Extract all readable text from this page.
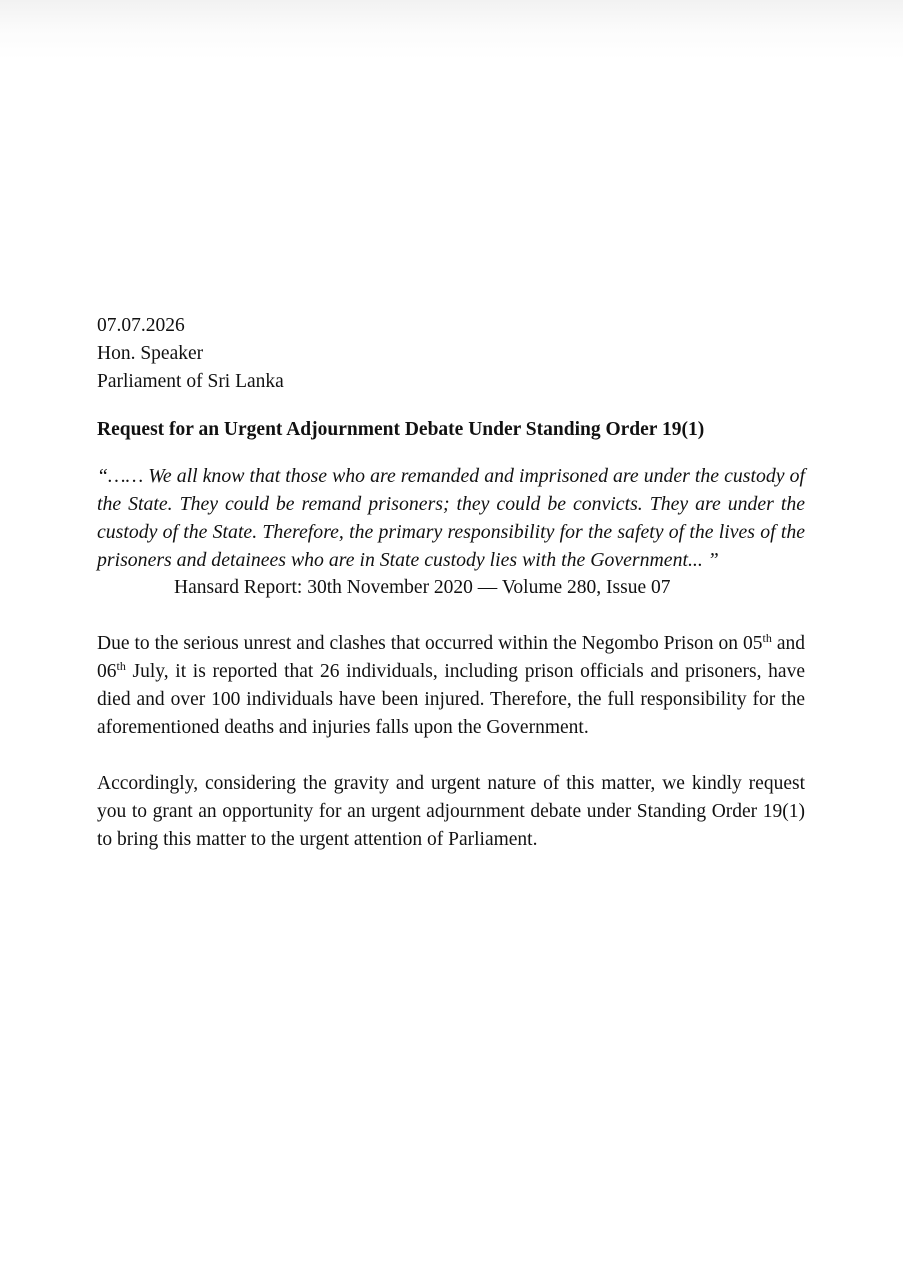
07.07.2026
Hon. Speaker
Parliament of Sri Lanka
Request for an Urgent Adjournment Debate Under Standing Order 19(1)
“…… We all know that those who are remanded and imprisoned are under the custody of the State. They could be remand prisoners; they could be convicts. They are under the custody of the State. Therefore, the primary responsibility for the safety of the lives of the prisoners and detainees who are in State custody lies with the Government... ”
Hansard Report: 30th November 2020 — Volume 280, Issue 07

Due to the serious unrest and clashes that occurred within the Negombo Prison on 05th and 06th July, it is reported that 26 individuals, including prison officials and prisoners, have died and over 100 individuals have been injured. Therefore, the full responsibility for the aforementioned deaths and injuries falls upon the Government.

Accordingly, considering the gravity and urgent nature of this matter, we kindly request you to grant an opportunity for an urgent adjournment debate under Standing Order 19(1) to bring this matter to the urgent attention of Parliament.
